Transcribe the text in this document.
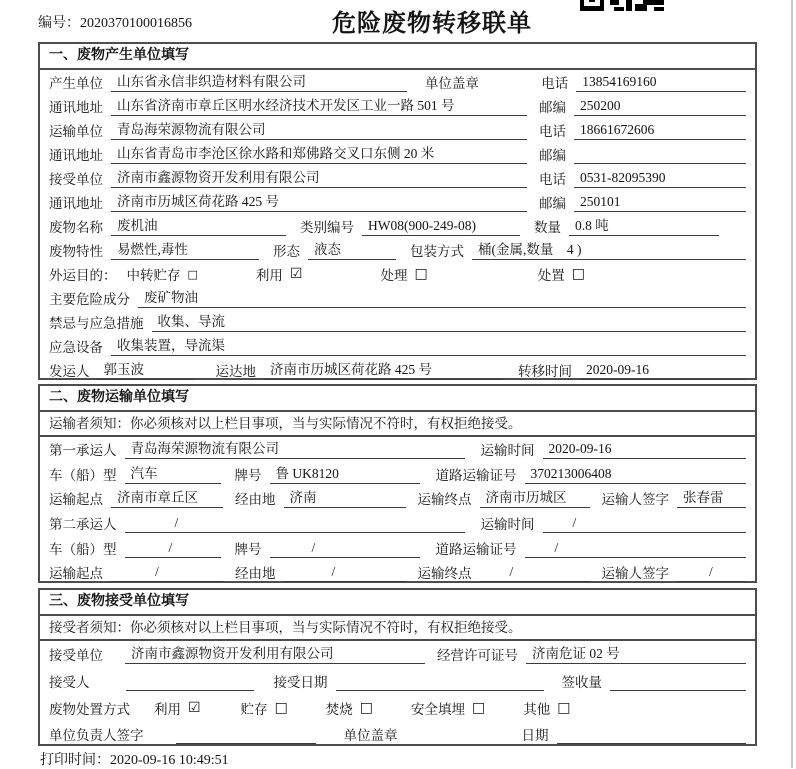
编号：2020370100016856	危险废物转移联单
一、废物产生单位填写
产生单位	山东省永信非织造材料有限公司	单位盖章	电话	13854169160
通讯地址	山东省济南市章丘区明水经济技术开发区工业一路 501 号	邮编	250200
运输单位	青岛海荣源物流有限公司	电话	18661672606
通讯地址	山东省青岛市李沧区徐水路和郑佛路交叉口东侧 20 米	邮编
接受单位	济南市鑫源物资开发利用有限公司	电话	0531-82095390
通讯地址	济南市历城区荷花路 425 号	邮编	250101
废物名称	废机油	类别编号	HW08(900-249-08)	数量	0.8 吨
废物特性	易燃性,毒性	形态	液态	包装方式	桶(金属,数量　4 )
外运目的： 中转贮存 □	利用 ☑	处理 □	处置 □
主要危险成分	废矿物油
禁忌与应急措施	收集、导流
应急设备	收集装置，导流渠
发运人	郭玉波	运达地	济南市历城区荷花路 425 号	转移时间	2020-09-16
二、废物运输单位填写
运输者须知：你必须核对以上栏目事项，当与实际情况不符时，有权拒绝接受。
第一承运人	青岛海荣源物流有限公司	运输时间	2020-09-16
车（船）型	汽车	牌号	鲁 UK8120	道路运输证号	370213006408
运输起点	济南市章丘区	经由地	济南	运输终点	济南市历城区	运输人签字	张春雷
第二承运人	/	运输时间	/
车（船）型	/	牌号	/	道路运输证号	/
运输起点	/	经由地	/	运输终点	/	运输人签字	/
三、废物接受单位填写
接受者须知：你必须核对以上栏目事项，当与实际情况不符时，有权拒绝接受。
接受单位	济南市鑫源物资开发利用有限公司	经营许可证号	济南危证 02 号
接受人	接受日期	签收量
废物处置方式 利用 ☑	贮存 □	焚烧 □	安全填埋 □	其他 □
单位负责人签字	单位盖章	日期
打印时间：2020-09-16 10:49:51
